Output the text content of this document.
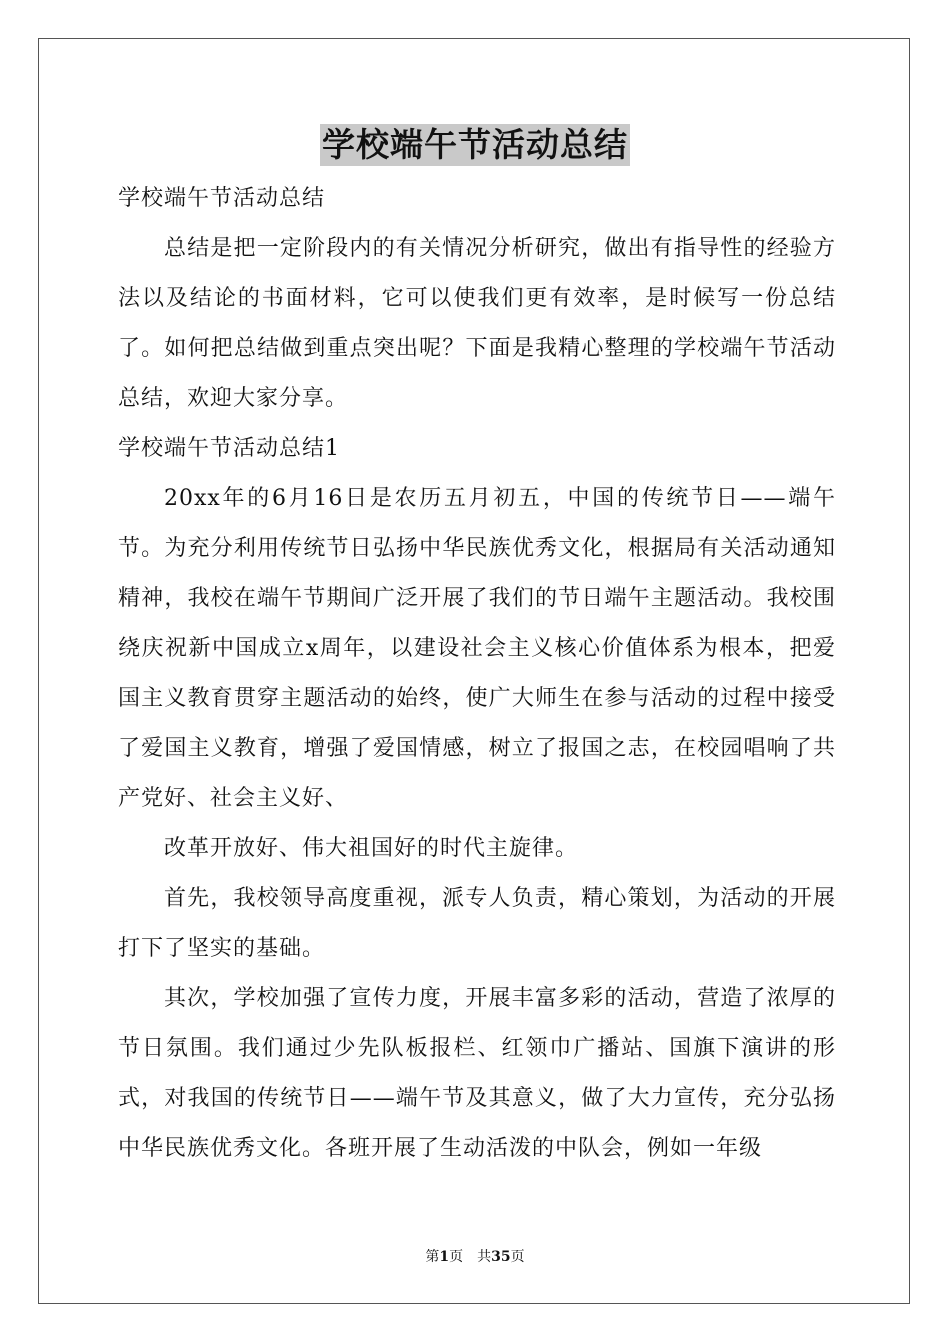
学校端午节活动总结

学校端午节活动总结

总结是把一定阶段内的有关情况分析研究，做出有指导性的经验方法以及结论的书面材料，它可以使我们更有效率，是时候写一份总结了。如何把总结做到重点突出呢？下面是我精心整理的学校端午节活动总结，欢迎大家分享。

学校端午节活动总结1

20xx年的6月16日是农历五月初五，中国的传统节日——端午节。为充分利用传统节日弘扬中华民族优秀文化，根据局有关活动通知精神，我校在端午节期间广泛开展了我们的节日端午主题活动。我校围绕庆祝新中国成立x周年，以建设社会主义核心价值体系为根本，把爱国主义教育贯穿主题活动的始终，使广大师生在参与活动的过程中接受了爱国主义教育，增强了爱国情感，树立了报国之志，在校园唱响了共产党好、社会主义好、

改革开放好、伟大祖国好的时代主旋律。

首先，我校领导高度重视，派专人负责，精心策划，为活动的开展打下了坚实的基础。

其次，学校加强了宣传力度，开展丰富多彩的活动，营造了浓厚的节日氛围。我们通过少先队板报栏、红领巾广播站、国旗下演讲的形式，对我国的传统节日——端午节及其意义，做了大力宣传，充分弘扬中华民族优秀文化。各班开展了生动活泼的中队会，例如一年级

第1页　共35页
